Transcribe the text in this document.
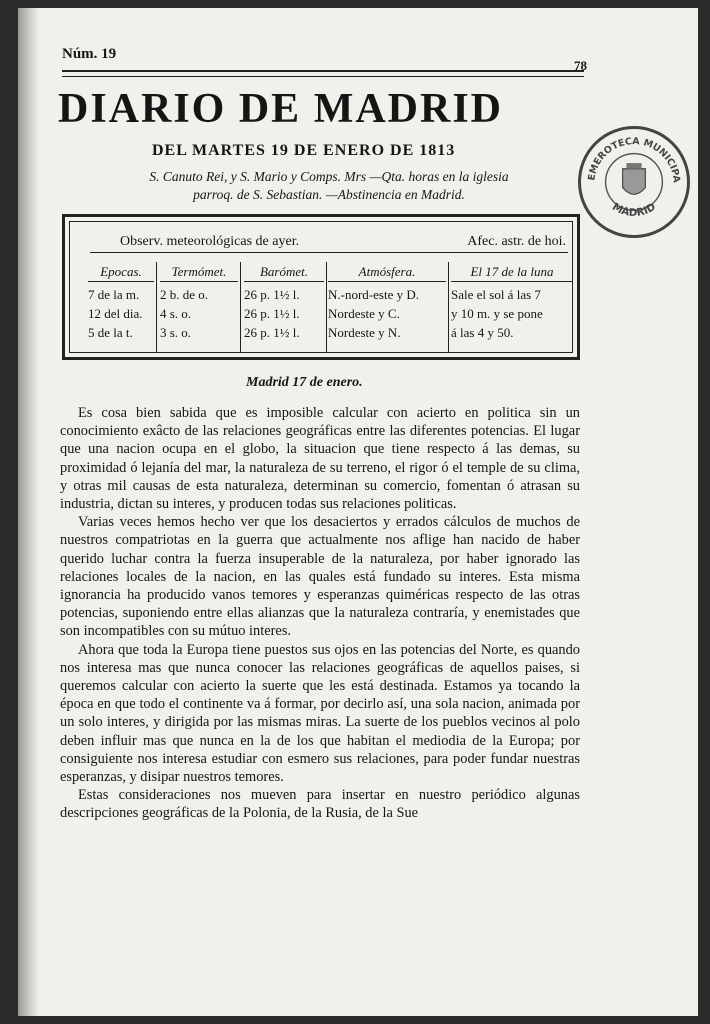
Núm. 19
78
DIARIO DE MADRID
DEL MARTES 19 DE ENERO DE 1813
S. Canuto Rei, y S. Mario y Comps. Mrs —Qta. horas en la iglesia
parroq. de S. Sebastian. —Abstinencia en Madrid.
EMEROTECA MUNICIPA
MADRID
Observ. meteorológicas de ayer.	Afec. astr. de hoi.
Epocas.
7 de la m.
12 del dia.
5 de la t.
Termómet.
2 b. de o.
4 s. o.
3 s. o.
Barómet.
26 p. 1½ l.
26 p. 1½ l.
26 p. 1½ l.
Atmósfera.
N.-nord-este y D.
Nordeste y C.
Nordeste y N.
El 17 de la luna
Sale el sol á las 7
y 10 m. y se pone
á las 4 y 50.
Madrid 17 de enero.

Es cosa bien sabida que es imposible calcular con acierto en politica sin un conocimiento exâcto de las relaciones geográficas entre las diferentes potencias. El lugar que una nacion ocupa en el globo, la situacion que tiene respecto á las demas, su proximidad ó lejanía del mar, la naturaleza de su terreno, el rigor ó el temple de su clima, y otras mil causas de esta naturaleza, determinan su comercio, fomentan ó atrasan su industria, dictan su interes, y producen todas sus relaciones politicas.

Varias veces hemos hecho ver que los desaciertos y errados cálculos de muchos de nuestros compatriotas en la guerra que actualmente nos aflige han nacido de haber querido luchar contra la fuerza insuperable de la naturaleza, por haber ignorado las relaciones locales de la nacion, en las quales está fundado su interes. Esta misma ignorancia ha producido vanos temores y esperanzas quiméricas respecto de las otras potencias, suponiendo entre ellas alianzas que la naturaleza contraría, y enemistades que son incompatibles con su mútuo interes.

Ahora que toda la Europa tiene puestos sus ojos en las potencias del Norte, es quando nos interesa mas que nunca conocer las relaciones geográficas de aquellos paises, si queremos calcular con acierto la suerte que les está destinada. Estamos ya tocando la época en que todo el continente va á formar, por decirlo así, una sola nacion, animada por un solo interes, y dirigida por las mismas miras. La suerte de los pueblos vecinos al polo deben influir mas que nunca en la de los que habitan el mediodia de la Europa; por consiguiente nos interesa estudiar con esmero sus relaciones, para poder fundar nuestras esperanzas, y disipar nuestros temores.

Estas consideraciones nos mueven para insertar en nuestro periódico algunas descripciones geográficas de la Polonia, de la Rusia, de la Sue
